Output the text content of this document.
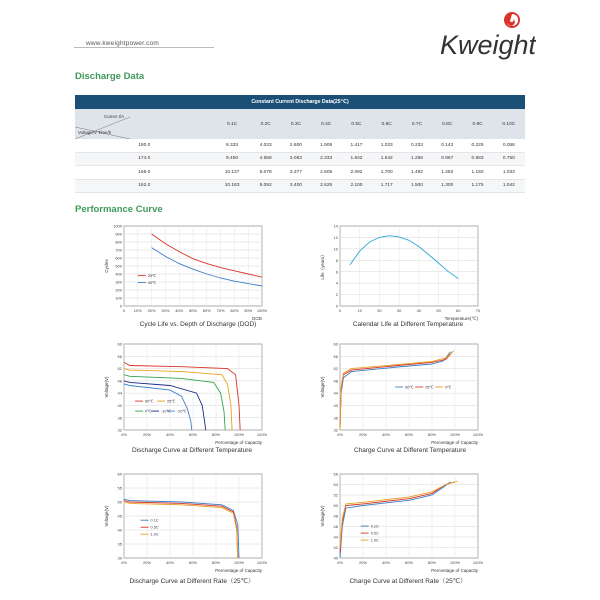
www.kweightpower.com	Kweight
Discharge Data
Performance Curve
Constant Current Discharge Data(25℃)										

Curren t/A
Voltage/V Time/h	0.1C	0.2C	0.3C	0.4C	0.5C	0.6C	0.7C	0.8C	0.9C	0.10C
180.0	8.333	4.033	2.600	1.908	1.417	1.033	0.233	0.142	0.225	0.058
174.0	9.450	4.658	3.083	2.333	1.842	1.542	1.258	0.967	0.883	0.750
168.0	10.137	5.078	3.377	2.605	2.092	1.700	1.492	1.292	1.150	1.033
162.0	10.183	5.092	3.400	2.625	2.100	1.717	1.500	1.300	1.175	1.042
0
100
200
300
400
500
600
700
800
900
1000
0 10% 20% 30% 40% 50% 60% 70% 80% 90% 100%
Cycles
DOD
25℃
40℃
Cycle Life vs. Depth of Discharge (DOD)
0
2
4
6
8
10
12
14
0	10	20	30	40	50	60	70
Life（years）
Temperature(℃)
Calendar Life at Different Temperature
32
36
40
44
48
52
56
60
0%	20%	40%	60%	80%	100%	120%
Voltage(V)
Percentage of Capacity
60℃	25℃
0℃	-10℃ -20℃
Discharge Curve at Different Temperature
32
36
40
44
48
52
56
60
0%	20%	40%	60%	80%	100%	120%
Voltage(V)
Percentage of Capacity
60℃	25℃	0℃
Charge Curve at Different Temperature
30
35
40
45
50
55
60
0%	20%	40%	60%	80%	100%	120%
Voltage(V)
Percentage of Capacity
0.1C
0.5C
1.0C
Discharge Curve at Different Rate（25℃）
40
42
44
46
48
50
52
54
56
0%	20%	40%	60%	80%	100%	120%
Voltage(V)
Percentage of Capacity
0.1C
0.5C
1.0C
Charge Curve at Different Rate（25℃）
